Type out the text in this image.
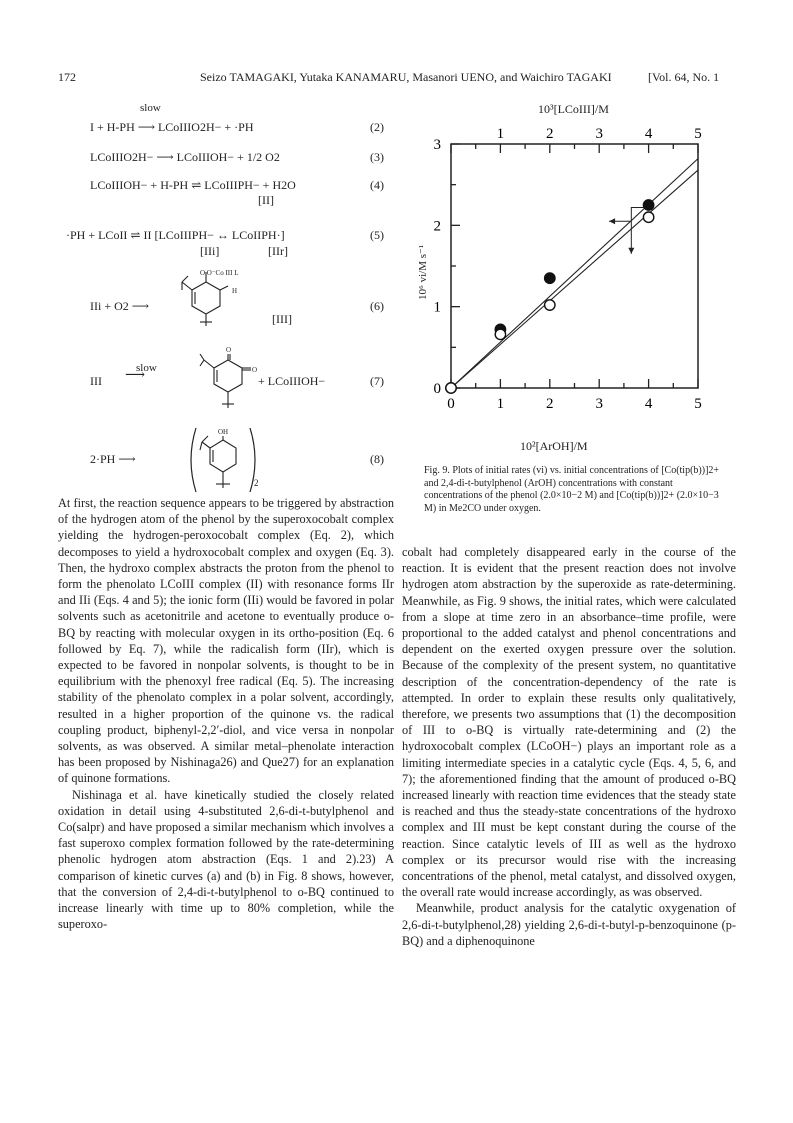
172	Seizo TAMAGAKI, Yutaka KANAMARU, Masanori UENO, and Waichiro TAGAKI	[Vol. 64, No. 1
slow
I + H-PH ⟶ LCoIIIO2H− + ·PH	(2)
LCoIIIO2H− ⟶ LCoIIIOH− + 1/2 O2	(3)
LCoIIIOH− + H-PH ⇌ LCoIIIPH− + H2O
[II]
(4)
·PH + LCoII ⇌ II [LCoIIIPH− ↔ LCoIIPH·]
[IIi]	[IIr]
(5)
IIi + O2 ⟶
O O⁻Co III L
H
[III]
(6)
III
slow
⟶	+ LCoIIIOH−
O
O
(7)
2·PH ⟶
OH
2
(8)

At first, the reaction sequence appears to be triggered by abstraction of the hydrogen atom of the phenol by the superoxocobalt complex yielding the hydrogen-peroxocobalt complex (Eq. 2), which decomposes to yield a hydroxocobalt complex and oxygen (Eq. 3). Then, the hydroxo complex abstracts the proton from the phenol to form the phenolato LCoIII complex (II) with resonance forms IIr and IIi (Eqs. 4 and 5); the ionic form (IIi) would be favored in polar solvents such as acetonitrile and acetone to eventually produce o-BQ by reacting with molecular oxygen in its ortho-position (Eq. 6 followed by Eq. 7), while the radicalish form (IIr), which is expected to be favored in nonpolar solvents, is thought to be in equilibrium with the phenoxyl free radical (Eq. 5). The increasing stability of the phenolato complex in a polar solvent, accordingly, resulted in a higher proportion of the quinone vs. the radical coupling product, biphenyl-2,2′-diol, and vice versa in nonpolar solvents, as was observed. A similar metal–phenolate interaction has been proposed by Nishinaga26) and Que27) for an explanation of quinone formations.

Nishinaga et al. have kinetically studied the closely related oxidation in detail using 4-substituted 2,6-di-t-butylphenol and Co(salpr) and have proposed a similar mechanism which involves a fast superoxo complex formation followed by the rate-determining phenolic hydrogen atom abstraction (Eqs. 1 and 2).23) A comparison of kinetic curves (a) and (b) in Fig. 8 shows, however, that the conversion of 2,4-di-t-butylphenol to o-BQ continued to increase linearly with time up to 80% completion, while the superoxo-

10³[LCoIII]/M
0	1	2	3	4	5
1	2	3	4	5
0
1
2
3
10²[ArOH]/M
10⁶ vi/M s⁻¹
Fig. 9. Plots of initial rates (vi) vs. initial concentrations of [Co(tip(b))]2+ and 2,4-di-t-butylphenol (ArOH) concentrations with constant concentrations of the phenol (2.0×10−2 M) and [Co(tip(b))]2+ (2.0×10−3 M) in Me2CO under oxygen.

cobalt had completely disappeared early in the course of the reaction. It is evident that the present reaction does not involve hydrogen atom abstraction by the superoxide as rate-determining. Meanwhile, as Fig. 9 shows, the initial rates, which were calculated from a slope at time zero in an absorbance–time profile, were proportional to the added catalyst and phenol concentrations and dependent on the exerted oxygen pressure over the solution. Because of the complexity of the present system, no quantitative description of the concentration-dependency of the rate is attempted. In order to explain these results only qualitatively, therefore, we presents two assumptions that (1) the decomposition of III to o-BQ is virtually rate-determining and (2) the hydroxocobalt complex (LCoOH−) plays an important role as a limiting intermediate species in a catalytic cycle (Eqs. 4, 5, 6, and 7); the aforementioned finding that the amount of produced o-BQ increased linearly with reaction time evidences that the steady state is reached and thus the steady-state concentrations of the hydroxo complex and III must be kept constant during the course of the reaction. Since catalytic levels of III as well as the hydroxo complex or its precursor would rise with the increasing concentrations of the phenol, metal catalyst, and dissolved oxygen, the overall rate would increase accordingly, as was observed.

Meanwhile, product analysis for the catalytic oxygenation of 2,6-di-t-butylphenol,28) yielding 2,6-di-t-butyl-p-benzoquinone (p-BQ) and a diphenoquinone
